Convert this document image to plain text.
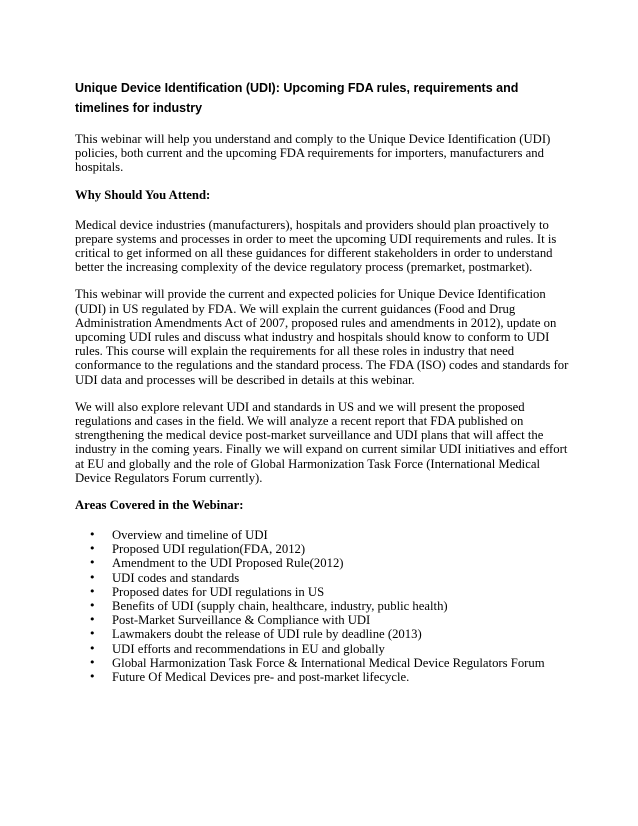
Unique Device Identification (UDI): Upcoming FDA rules, requirements and timelines for industry

This webinar will help you understand and comply to the Unique Device Identification (UDI) policies, both current and the upcoming FDA requirements for importers, manufacturers and hospitals.

Why Should You Attend:

Medical device industries (manufacturers), hospitals and providers should plan proactively to prepare systems and processes in order to meet the upcoming UDI requirements and rules. It is critical to get informed on all these guidances for different stakeholders in order to understand better the increasing complexity of the device regulatory process (premarket, postmarket).

This webinar will provide the current and expected policies for Unique Device Identification (UDI) in US regulated by FDA. We will explain the current guidances (Food and Drug Administration Amendments Act of 2007, proposed rules and amendments in 2012), update on upcoming UDI rules and discuss what industry and hospitals should know to conform to UDI rules. This course will explain the requirements for all these roles in industry that need conformance to the regulations and the standard process. The FDA (ISO) codes and standards for UDI data and processes will be described in details at this webinar.

We will also explore relevant UDI and standards in US and we will present the proposed regulations and cases in the field. We will analyze a recent report that FDA published on strengthening the medical device post-market surveillance and UDI plans that will affect the industry in the coming years. Finally we will expand on current similar UDI initiatives and effort at EU and globally and the role of Global Harmonization Task Force (International Medical Device Regulators Forum currently).

Areas Covered in the Webinar:
• Overview and timeline of UDI
• Proposed UDI regulation(FDA, 2012)
• Amendment to the UDI Proposed Rule(2012)
• UDI codes and standards
• Proposed dates for UDI regulations in US
• Benefits of UDI (supply chain, healthcare, industry, public health)
• Post-Market Surveillance & Compliance with UDI
• Lawmakers doubt the release of UDI rule by deadline (2013)
• UDI efforts and recommendations in EU and globally
• Global Harmonization Task Force & International Medical Device Regulators Forum
• Future Of Medical Devices pre- and post-market lifecycle.
